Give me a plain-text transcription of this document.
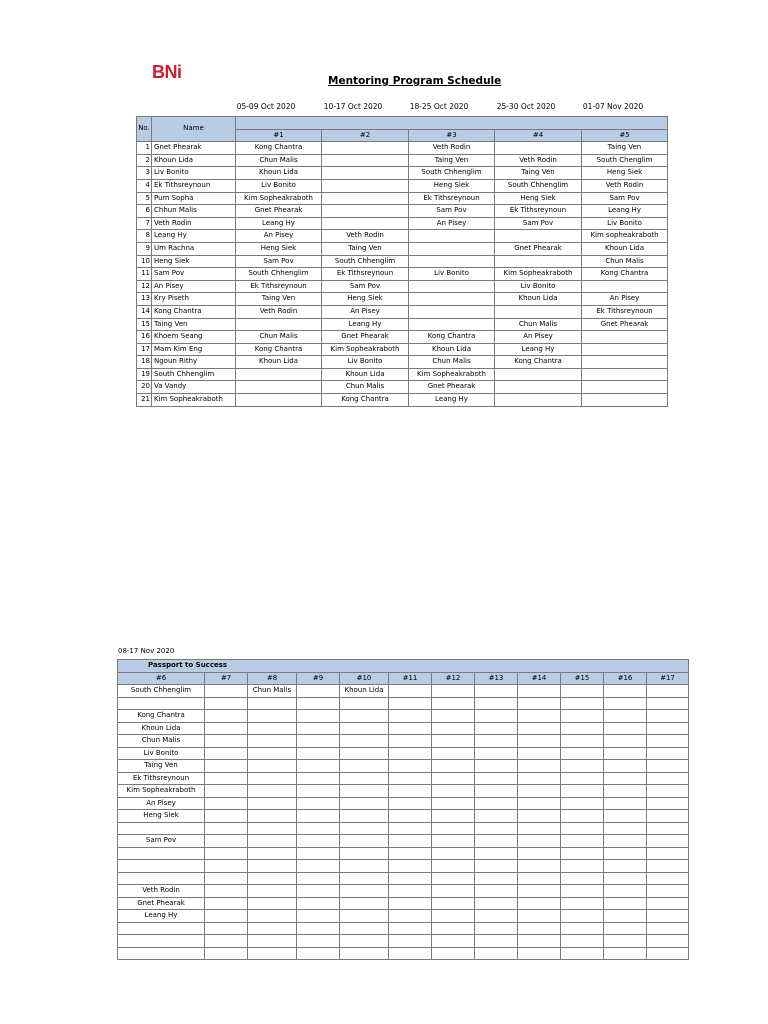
BNi	Mentoring Program Schedule
05-09 Oct 2020	10-17 Oct 2020	18-25 Oct 2020	25-30 Oct 2020	01-07 Nov 2020
No.	Name					
		#1	#2	#3	#4	#5
1	Gnet Phearak	Kong Chantra		Veth Rodin		Taing Ven
2	Khoun Lida	Chun Malis		Taing Ven	Veth Rodin	South Chenglim
3	Liv Bonito	Khoun Lida		South Chhenglim	Taing Ven	Heng Siek
4	Ek Tithsreynoun	Liv Bonito		Heng Siek	South Chhenglim	Veth Rodin
5	Pum Sopha	Kim Sopheakraboth		Ek Tithsreynoun	Heng Siek	Sam Pov
6	Chhun Malis	Gnet Phearak		Sam Pov	Ek Tithsreynoun	Leang Hy
7	Veth Rodin	Leang Hy		An Pisey	Sam Pov	Liv Bonito
8	Leang Hy	An Pisey	Veth Rodin			Kim sopheakraboth
9	Um Rachna	Heng Siek	Taing Ven		Gnet Phearak	Khoun Lida
10	Heng Siek	Sam Pov	South Chhenglim			Chun Malis
11	Sam Pov	South Chhenglim	Ek Tithsreynoun	Liv Bonito	Kim Sopheakraboth	Kong Chantra
12	An Pisey	Ek Tithsreynoun	Sam Pov		Liv Bonito	
13	Kry Piseth	Taing Ven	Heng Siek		Khoun Lida	An Pisey
14	Kong Chantra	Veth Rodin	An Pisey			Ek Tithsreynoun
15	Taing Ven		Leang Hy		Chun Malis	Gnet Phearak
16	Khoem Seang	Chun Malis	Gnet Phearak	Kong Chantra	An Pisey	
17	Mam Kim Eng	Kong Chantra	Kim Sopheakraboth	Khoun Lida	Leang Hy	
18	Ngoun Rithy	Khoun Lida	Liv Bonito	Chun Malis	Kong Chantra	
19	South Chhenglim		Khoun Lida	Kim Sopheakraboth		
20	Va Vandy		Chun Malis	Gnet Phearak		
21	Kim Sopheakraboth		Kong Chantra	Leang Hy		
08-17 Nov 2020
Passport to Success											
#6	#7	#8	#9	#10	#11	#12	#13	#14	#15	#16	#17
South Chhenglim		Chun Malis		Khoun Lida							

Kong Chantra											
Khoun Lida											
Chun Malis											
Liv Bonito											
Taing Ven											
Ek Tithsreynoun											
Kim Sopheakraboth											
An Pisey											
Heng Siek											

Sam Pov											

Veth Rodin											
Gnet Phearak											
Leang Hy											
